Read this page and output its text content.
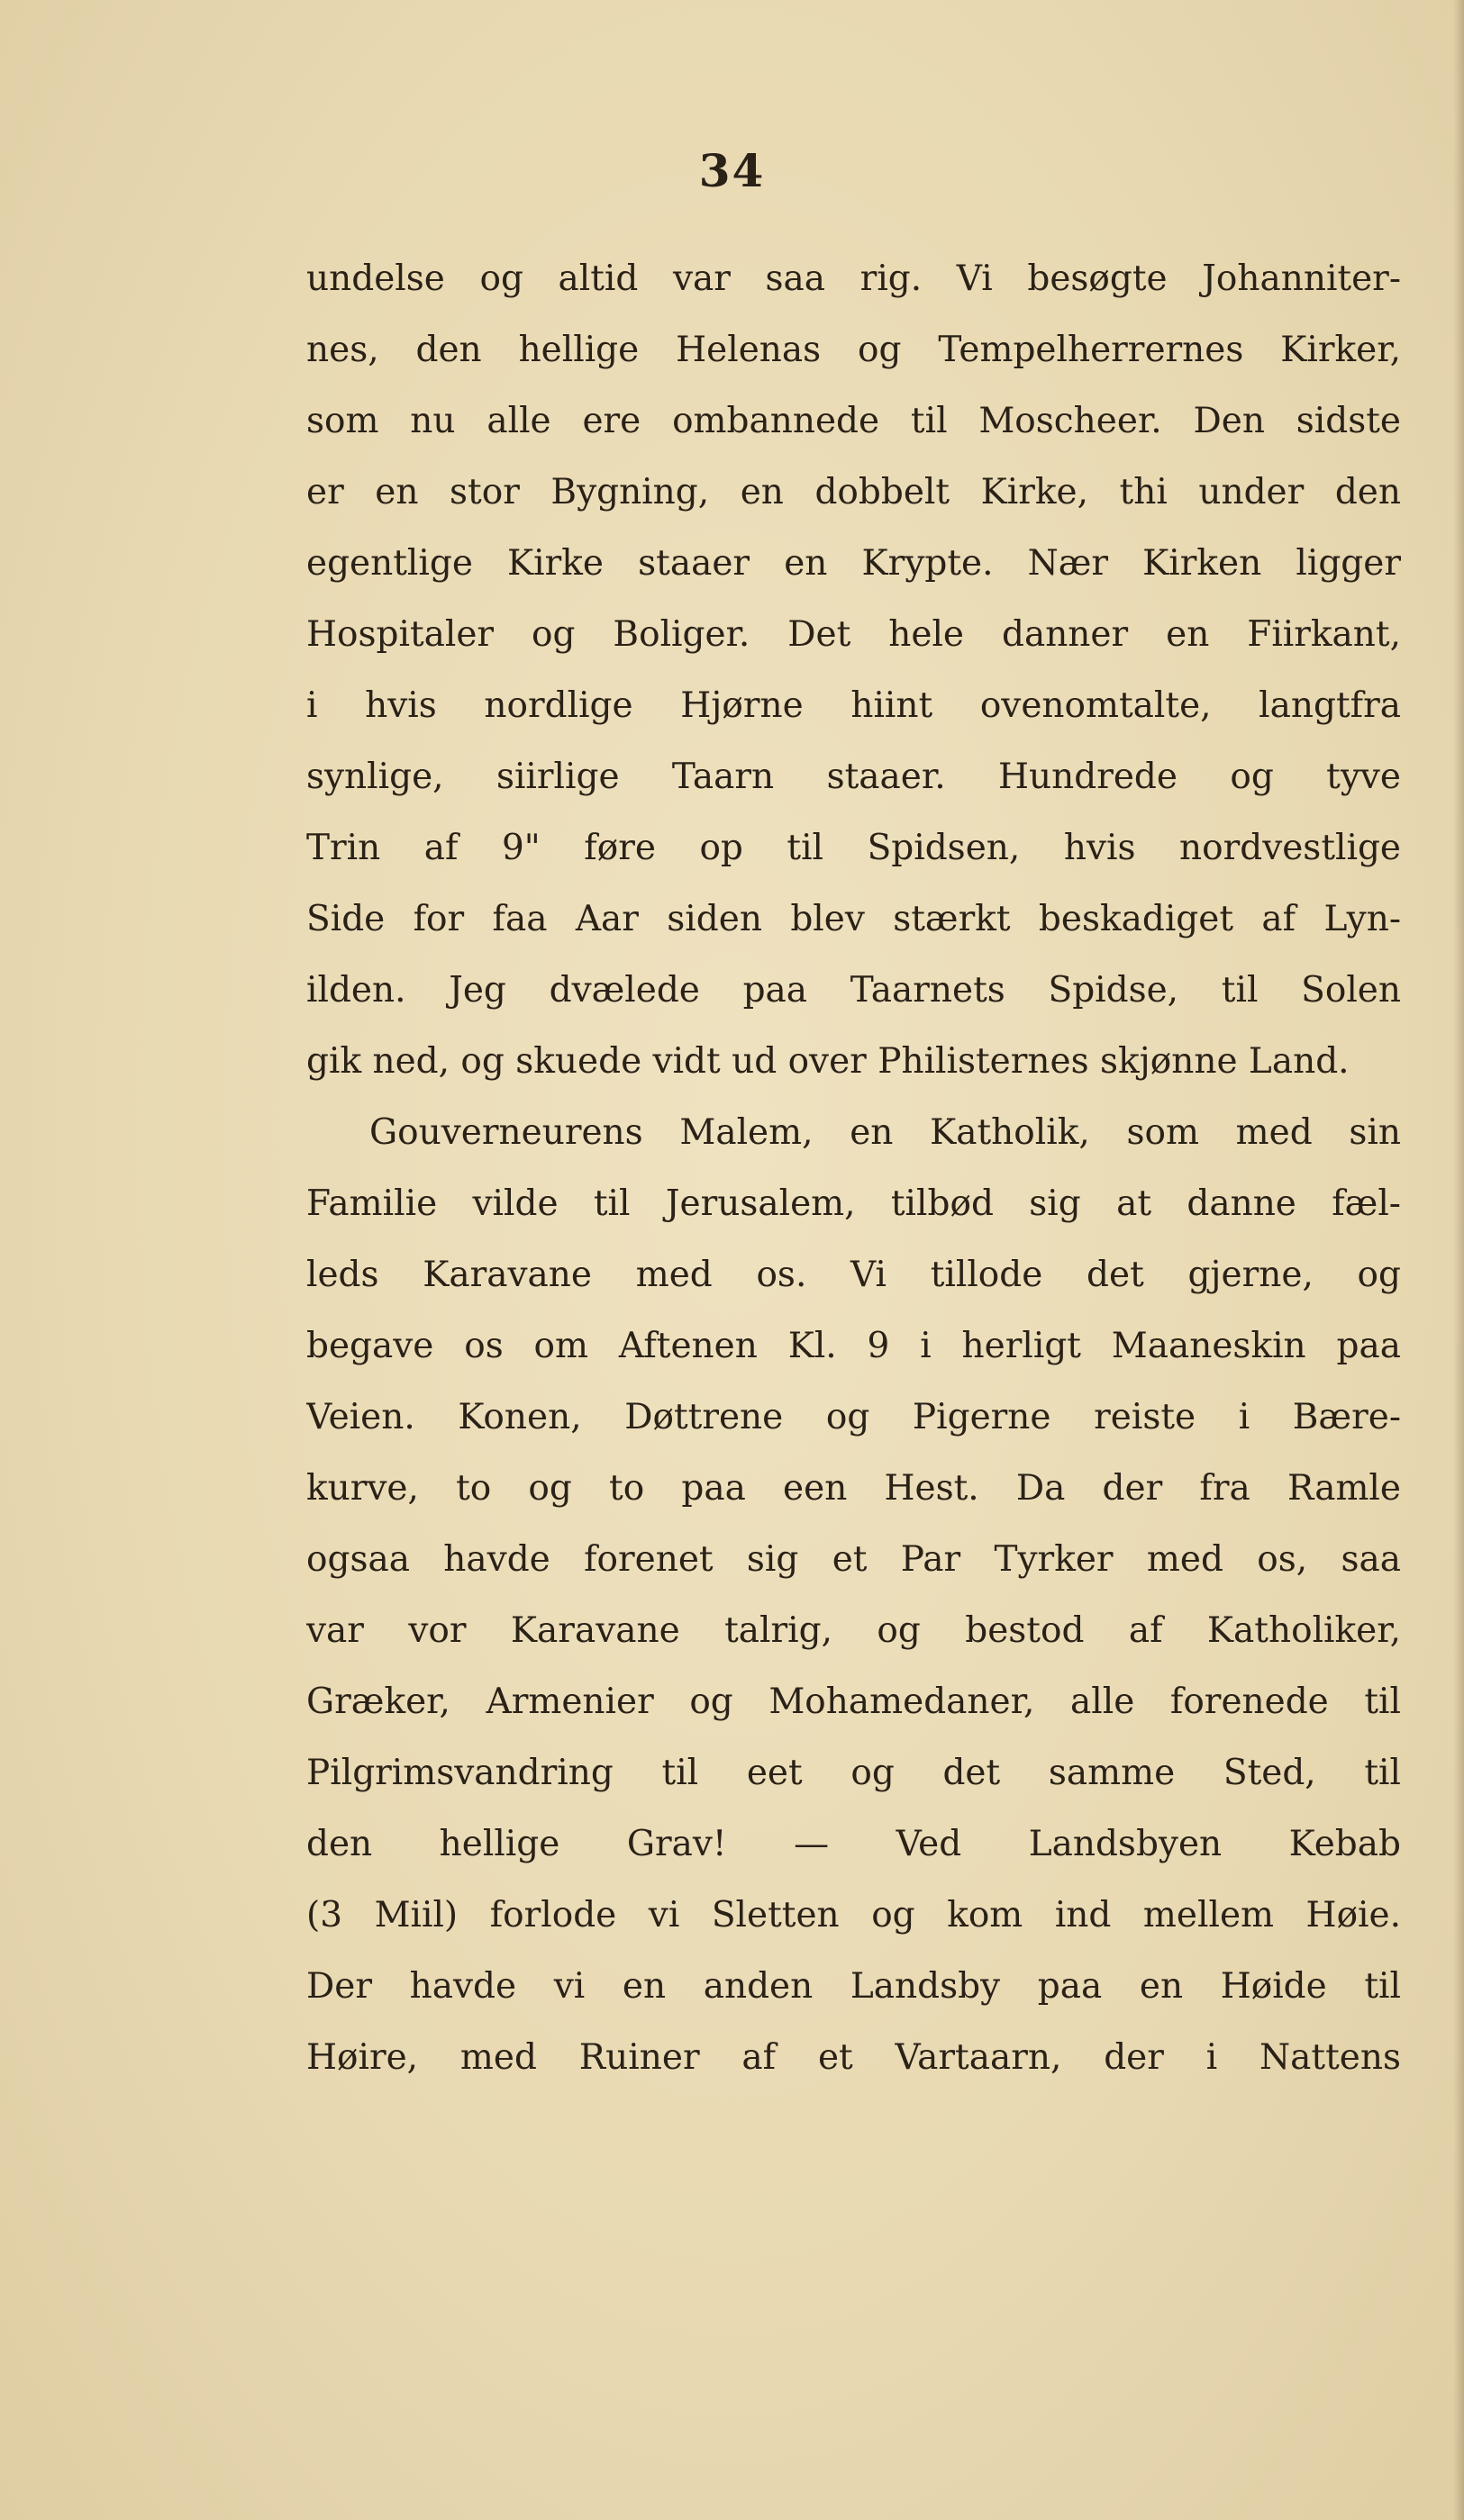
34
undelse og altid var saa rig. Vi besøgte Johanniter-
nes, den hellige Helenas og Tempelherrernes Kirker,
som nu alle ere ombannede til Moscheer. Den sidste
er en stor Bygning, en dobbelt Kirke, thi under den
egentlige Kirke staaer en Krypte. Nær Kirken ligger
Hospitaler og Boliger. Det hele danner en Fiirkant,
i hvis nordlige Hjørne hiint ovenomtalte, langtfra
synlige, siirlige Taarn staaer. Hundrede og tyve
Trin af 9" føre op til Spidsen, hvis nordvestlige
Side for faa Aar siden blev stærkt beskadiget af Lyn-
ilden. Jeg dvælede paa Taarnets Spidse, til Solen
gik ned, og skuede vidt ud over Philisternes skjønne Land.
Gouverneurens Malem, en Katholik, som med sin
Familie vilde til Jerusalem, tilbød sig at danne fæl-
leds Karavane med os. Vi tillode det gjerne, og
begave os om Aftenen Kl. 9 i herligt Maaneskin paa
Veien. Konen, Døttrene og Pigerne reiste i Bære-
kurve, to og to paa een Hest. Da der fra Ramle
ogsaa havde forenet sig et Par Tyrker med os, saa
var vor Karavane talrig, og bestod af Katholiker,
Græker, Armenier og Mohamedaner, alle forenede til
Pilgrimsvandring til eet og det samme Sted, til
den hellige Grav! — Ved Landsbyen Kebab
(3 Miil) forlode vi Sletten og kom ind mellem Høie.
Der havde vi en anden Landsby paa en Høide til
Høire, med Ruiner af et Vartaarn, der i Nattens
